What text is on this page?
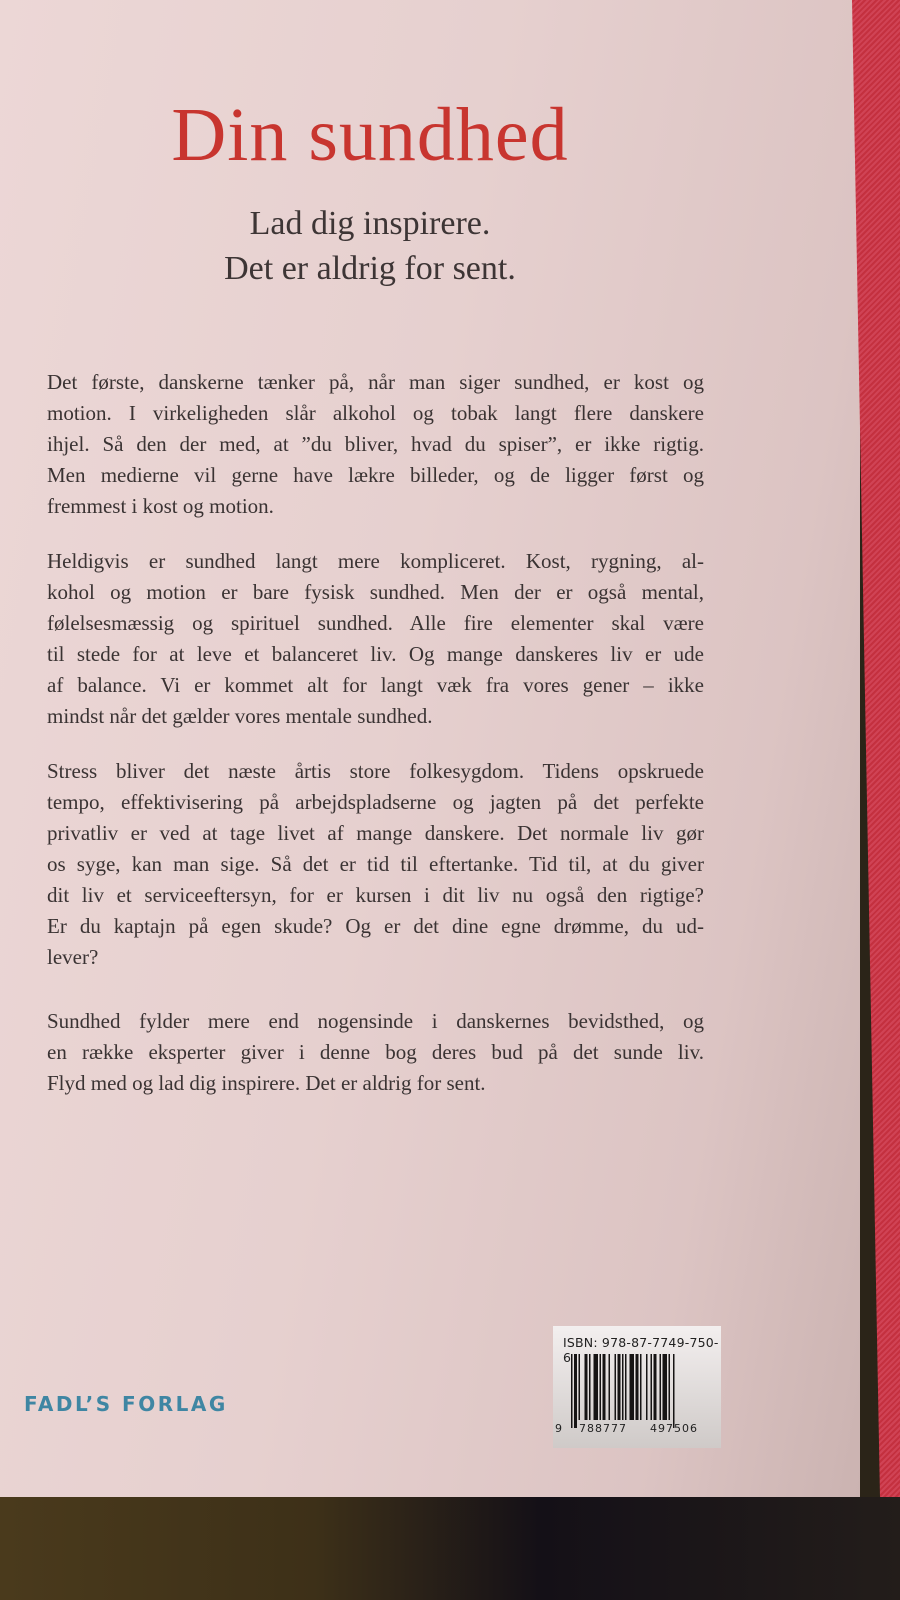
Din sundhed
Lad dig inspirere.
Det er aldrig for sent.
Det første, danskerne tænker på, når man siger sundhed, er kost og
motion. I virkeligheden slår alkohol og tobak langt flere danskere
ihjel. Så den der med, at ”du bliver, hvad du spiser”, er ikke rigtig.
Men medierne vil gerne have lækre billeder, og de ligger først og
fremmest i kost og motion.
Heldigvis er sundhed langt mere kompliceret. Kost, rygning, al-
kohol og motion er bare fysisk sundhed. Men der er også mental,
følelsesmæssig og spirituel sundhed. Alle fire elementer skal være
til stede for at leve et balanceret liv. Og mange danskeres liv er ude
af balance. Vi er kommet alt for langt væk fra vores gener – ikke
mindst når det gælder vores mentale sundhed.
Stress bliver det næste årtis store folkesygdom. Tidens opskruede
tempo, effektivisering på arbejdspladserne og jagten på det perfekte
privatliv er ved at tage livet af mange danskere. Det normale liv gør
os syge, kan man sige. Så det er tid til eftertanke. Tid til, at du giver
dit liv et serviceeftersyn, for er kursen i dit liv nu også den rigtige?
Er du kaptajn på egen skude? Og er det dine egne drømme, du ud-
lever?
Sundhed fylder mere end nogensinde i danskernes bevidsthed, og
en række eksperter giver i denne bog deres bud på det sunde liv.
Flyd med og lad dig inspirere. Det er aldrig for sent.
FADL’S FORLAG
ISBN: 978-87-7749-750-6
9 788777 497506
